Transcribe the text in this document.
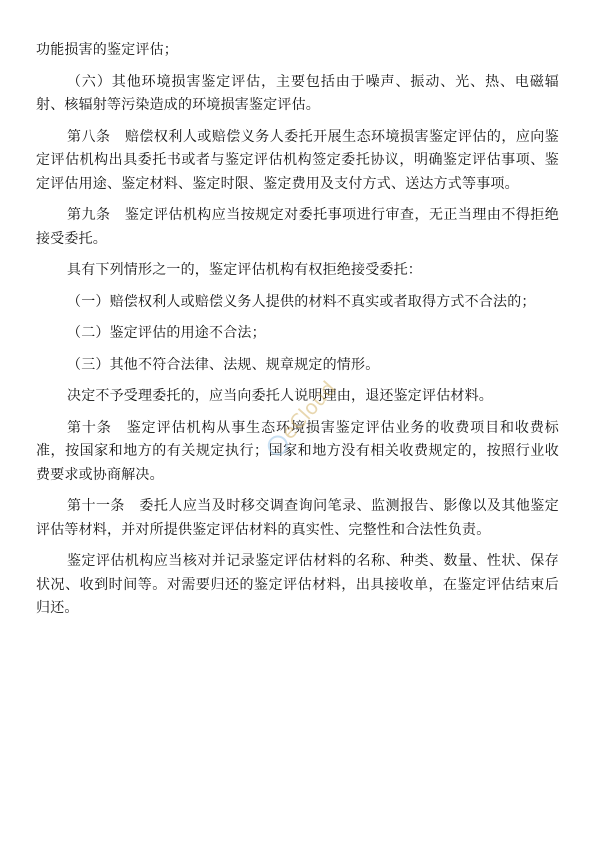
功能损害的鉴定评估；

（六）其他环境损害鉴定评估，主要包括由于噪声、振动、光、热、电磁辐射、核辐射等污染造成的环境损害鉴定评估。

第八条　赔偿权利人或赔偿义务人委托开展生态环境损害鉴定评估的，应向鉴定评估机构出具委托书或者与鉴定评估机构签定委托协议，明确鉴定评估事项、鉴定评估用途、鉴定材料、鉴定时限、鉴定费用及支付方式、送达方式等事项。

第九条　鉴定评估机构应当按规定对委托事项进行审查，无正当理由不得拒绝接受委托。

具有下列情形之一的，鉴定评估机构有权拒绝接受委托：

（一）赔偿权利人或赔偿义务人提供的材料不真实或者取得方式不合法的；

（二）鉴定评估的用途不合法；

（三）其他不符合法律、法规、规章规定的情形。

决定不予受理委托的，应当向委托人说明理由，退还鉴定评估材料。

第十条　鉴定评估机构从事生态环境损害鉴定评估业务的收费项目和收费标准，按国家和地方的有关规定执行；国家和地方没有相关收费规定的，按照行业收费要求或协商解决。

第十一条　委托人应当及时移交调查询问笔录、监测报告、影像以及其他鉴定评估等材料，并对所提供鉴定评估材料的真实性、完整性和合法性负责。

鉴定评估机构应当核对并记录鉴定评估材料的名称、种类、数量、性状、保存状况、收到时间等。对需要归还的鉴定评估材料，出具接收单，在鉴定评估结束后归还。

eCloud
